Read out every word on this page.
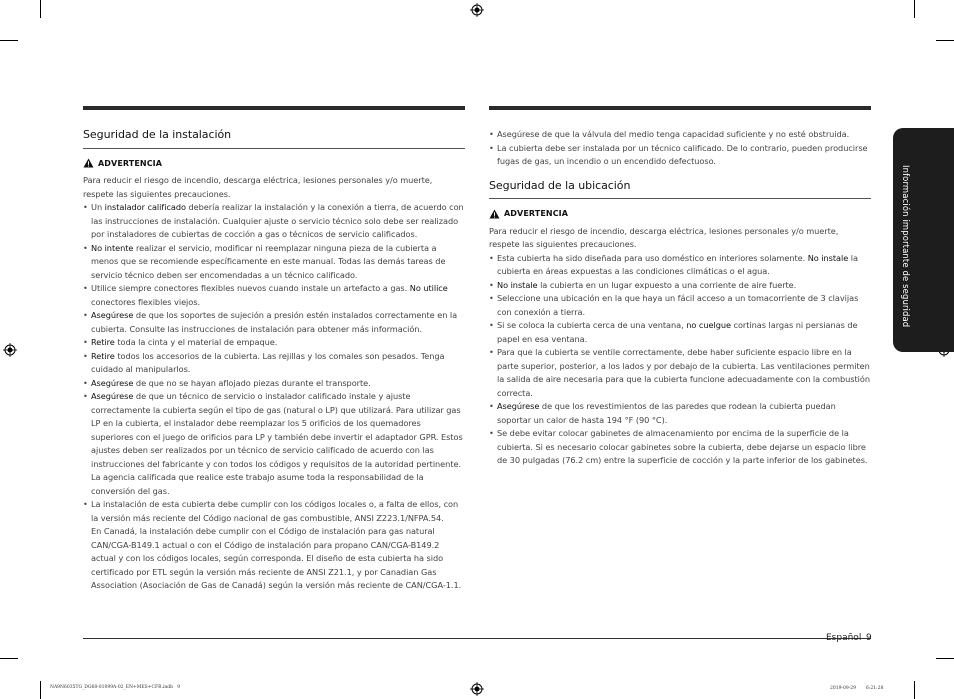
Información importante de seguridad
Seguridad de la instalación
ADVERTENCIA

Para reducir el riesgo de incendio, descarga eléctrica, lesiones personales y/o muerte, respete las siguientes precauciones.

• Un instalador calificado debería realizar la instalación y la conexión a tierra, de acuerdo con las instrucciones de instalación. Cualquier ajuste o servicio técnico solo debe ser realizado por instaladores de cubiertas de cocción a gas o técnicos de servicio calificados.
• No intente realizar el servicio, modificar ni reemplazar ninguna pieza de la cubierta a menos que se recomiende específicamente en este manual. Todas las demás tareas de servicio técnico deben ser encomendadas a un técnico calificado.
• Utilice siempre conectores flexibles nuevos cuando instale un artefacto a gas. No utilice conectores flexibles viejos.
• Asegúrese de que los soportes de sujeción a presión estén instalados correctamente en la cubierta. Consulte las instrucciones de instalación para obtener más información.
• Retire toda la cinta y el material de empaque.
• Retire todos los accesorios de la cubierta. Las rejillas y los comales son pesados. Tenga cuidado al manipularlos.
• Asegúrese de que no se hayan aflojado piezas durante el transporte.
• Asegúrese de que un técnico de servicio o instalador calificado instale y ajuste correctamente la cubierta según el tipo de gas (natural o LP) que utilizará. Para utilizar gas LP en la cubierta, el instalador debe reemplazar los 5 orificios de los quemadores superiores con el juego de orificios para LP y también debe invertir el adaptador GPR. Estos ajustes deben ser realizados por un técnico de servicio calificado de acuerdo con las instrucciones del fabricante y con todos los códigos y requisitos de la autoridad pertinente. La agencia calificada que realice este trabajo asume toda la responsabilidad de la conversión del gas.
• La instalación de esta cubierta debe cumplir con los códigos locales o, a falta de ellos, con la versión más reciente del Código nacional de gas combustible, ANSI Z223.1/NFPA.54.
En Canadá, la instalación debe cumplir con el Código de instalación para gas natural CAN/CGA-B149.1 actual o con el Código de instalación para propano CAN/CGA-B149.2 actual y con los códigos locales, según corresponda. El diseño de esta cubierta ha sido certificado por ETL según la versión más reciente de ANSI Z21.1, y por Canadian Gas Association (Asociación de Gas de Canadá) según la versión más reciente de CAN/CGA-1.1.
• Asegúrese de que la válvula del medio tenga capacidad suficiente y no esté obstruida.
• La cubierta debe ser instalada por un técnico calificado. De lo contrario, pueden producirse fugas de gas, un incendio o un encendido defectuoso.
Seguridad de la ubicación
ADVERTENCIA

Para reducir el riesgo de incendio, descarga eléctrica, lesiones personales y/o muerte, respete las siguientes precauciones.

• Esta cubierta ha sido diseñada para uso doméstico en interiores solamente. No instale la cubierta en áreas expuestas a las condiciones climáticas o el agua.
• No instale la cubierta en un lugar expuesto a una corriente de aire fuerte.
• Seleccione una ubicación en la que haya un fácil acceso a un tomacorriente de 3 clavijas con conexión a tierra.
• Si se coloca la cubierta cerca de una ventana, no cuelgue cortinas largas ni persianas de papel en esa ventana.
• Para que la cubierta se ventile correctamente, debe haber suficiente espacio libre en la parte superior, posterior, a los lados y por debajo de la cubierta. Las ventilaciones permiten la salida de aire necesaria para que la cubierta funcione adecuadamente con la combustión correcta.
• Asegúrese de que los revestimientos de las paredes que rodean la cubierta puedan soportar un calor de hasta 194 °F (90 °C).
• Se debe evitar colocar gabinetes de almacenamiento por encima de la superficie de la cubierta. Si es necesario colocar gabinetes sobre la cubierta, debe dejarse un espacio libre de 30 pulgadas (76.2 cm) entre la superficie de cocción y la parte inferior de los gabinetes.
Español 9
NA9N6035TG_DG68-01099A-02_EN+MES+CFR.indb   9	2019-09-29   ﾠ 6:21:28
